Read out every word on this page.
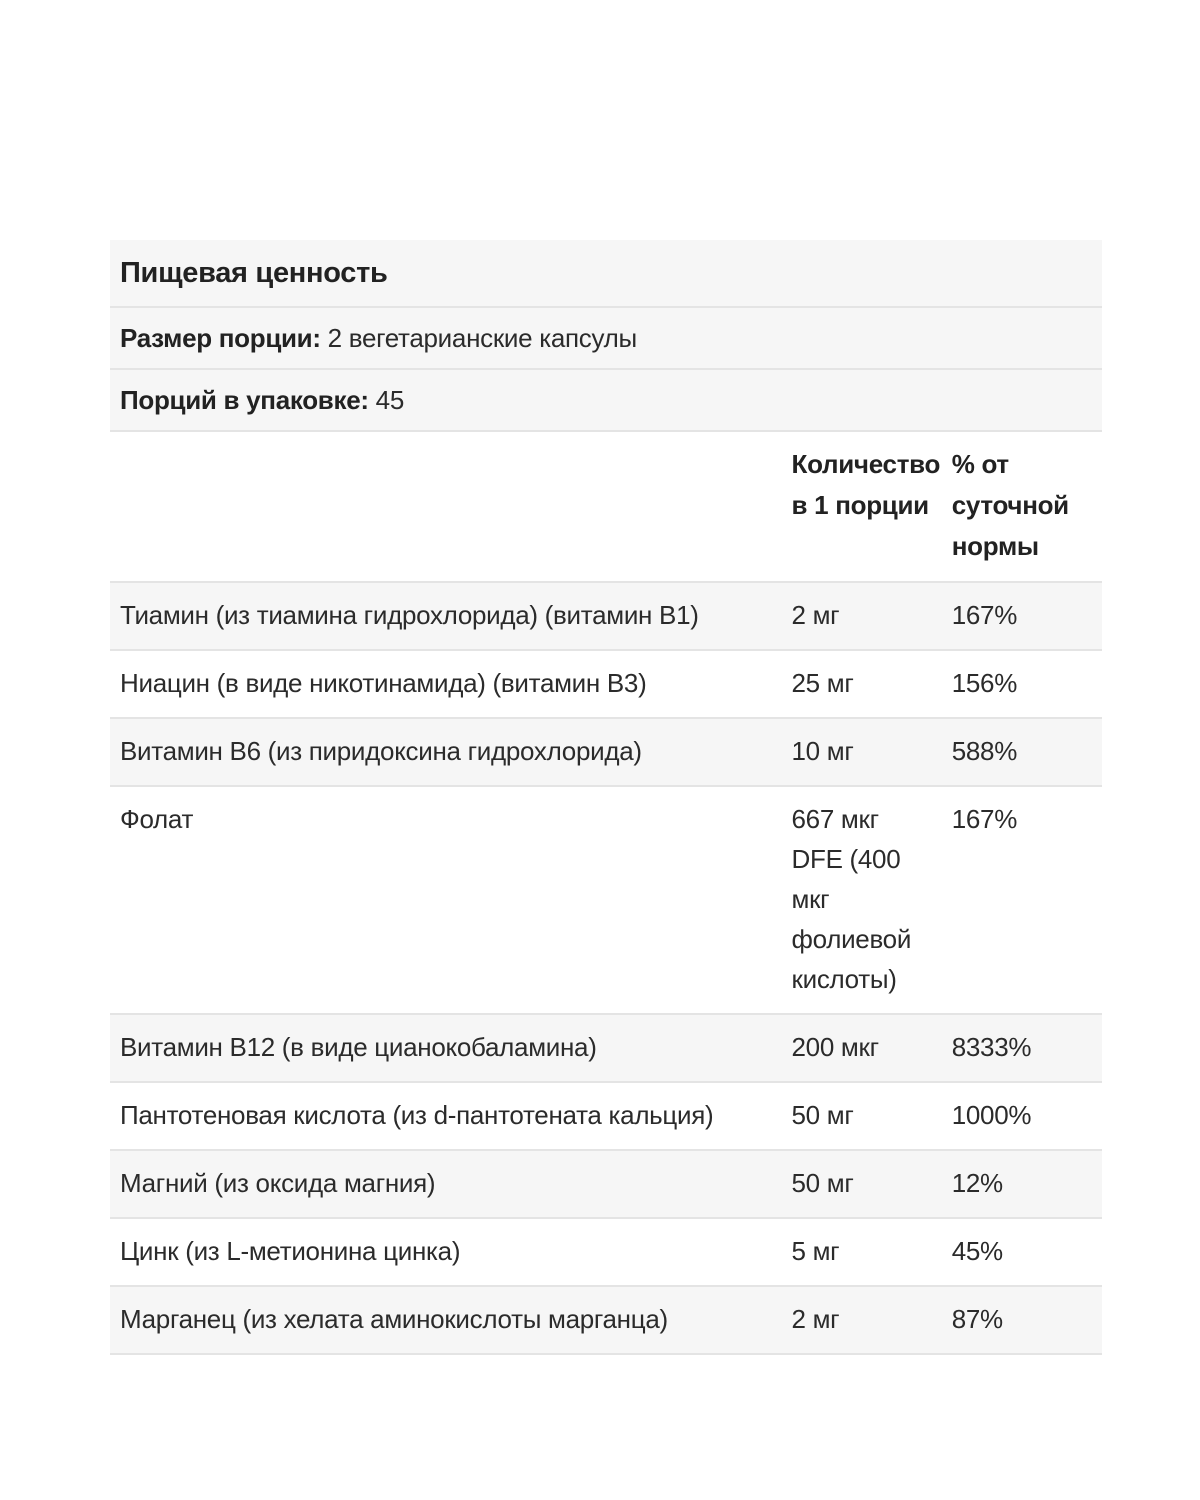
Пищевая ценность		
Размер порции: 2 вегетарианские капсулы		
Порций в упаковке: 45		
	Количество в 1 порции	% от суточной нормы
Тиамин (из тиамина гидрохлорида) (витамин B1)	2 мг	167%
Ниацин (в виде никотинамида) (витамин B3)	25 мг	156%
Витамин B6 (из пиридоксина гидрохлорида)	10 мг	588%
Фолат	667 мкг DFE (400 мкг фолиевой кислоты)	167%
Витамин B12 (в виде цианокобаламина)	200 мкг	8333%
Пантотеновая кислота (из d-пантотената кальция)	50 мг	1000%
Магний (из оксида магния)	50 мг	12%
Цинк (из L-метионина цинка)	5 мг	45%
Марганец (из хелата аминокислоты марганца)	2 мг	87%
